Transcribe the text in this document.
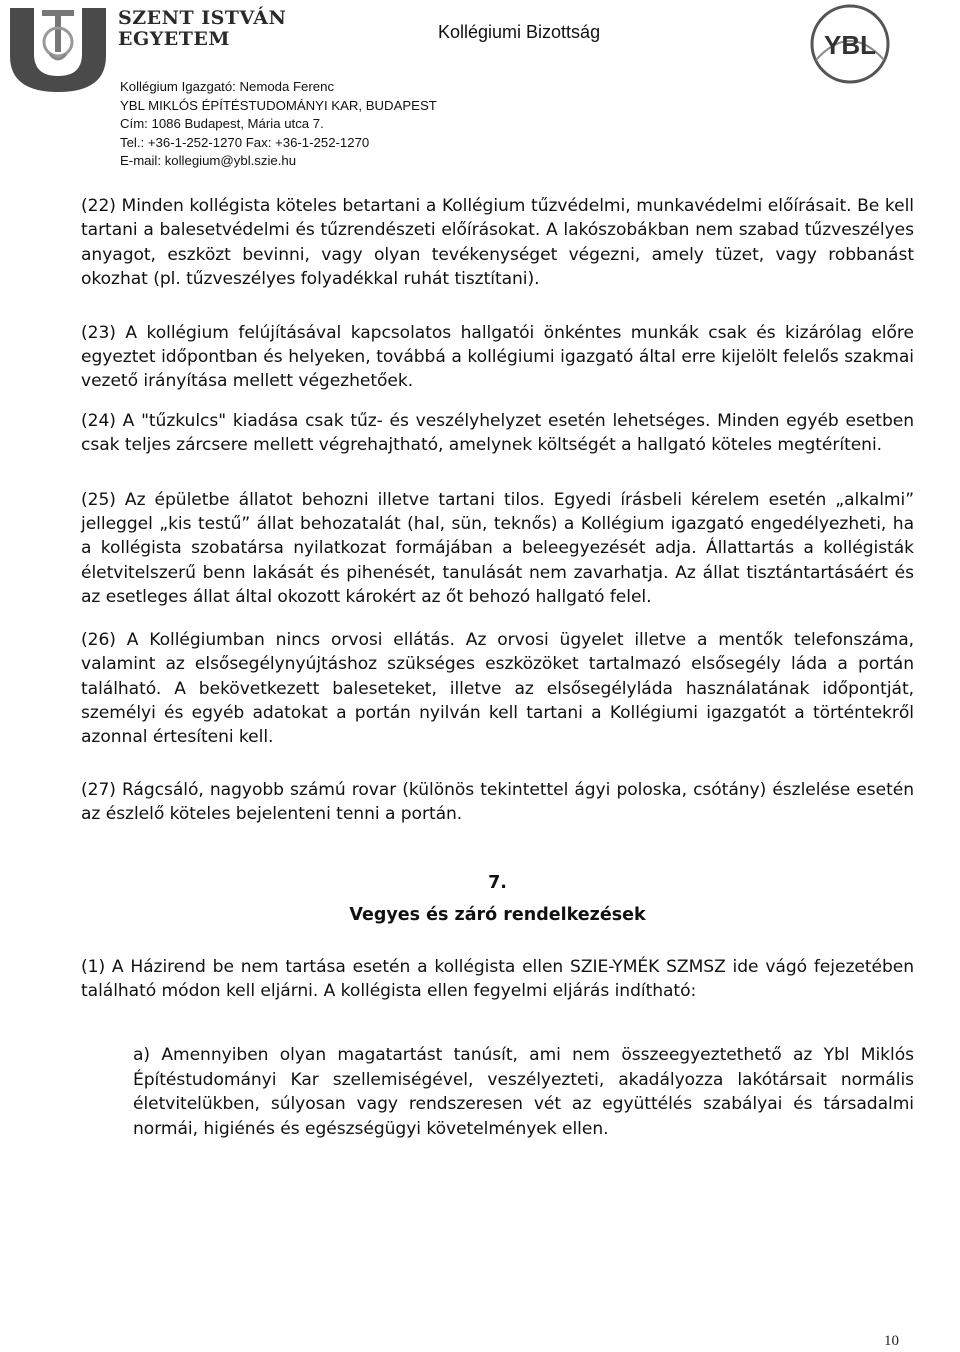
SZENT ISTVÁN
EGYETEM	Kollégiumi Bizottság	YBL
Kollégium Igazgató: Nemoda Ferenc
YBL MIKLÓS ÉPÍTÉSTUDOMÁNYI KAR, BUDAPEST
Cím: 1086 Budapest, Mária utca 7.
Tel.: +36-1-252-1270 Fax: +36-1-252-1270
E-mail: kollegium@ybl.szie.hu

(22) Minden kollégista köteles betartani a Kollégium tűzvédelmi, munkavédelmi előírásait. Be kell tartani a balesetvédelmi és tűzrendészeti előírásokat. A lakószobákban nem szabad tűzveszélyes anyagot, eszközt bevinni, vagy olyan tevékenységet végezni, amely tüzet, vagy robbanást okozhat (pl. tűzveszélyes folyadékkal ruhát tisztítani).

(23) A kollégium felújításával kapcsolatos hallgatói önkéntes munkák csak és kizárólag előre egyeztet időpontban és helyeken, továbbá a kollégiumi igazgató által erre kijelölt felelős szakmai vezető irányítása mellett végezhetőek.

(24) A "tűzkulcs" kiadása csak tűz- és veszélyhelyzet esetén lehetséges. Minden egyéb esetben csak teljes zárcsere mellett végrehajtható, amelynek költségét a hallgató köteles megtéríteni.

(25) Az épületbe állatot behozni illetve tartani tilos. Egyedi írásbeli kérelem esetén „alkalmi” jelleggel „kis testű” állat behozatalát (hal, sün, teknős) a Kollégium igazgató engedélyezheti, ha a kollégista szobatársa nyilatkozat formájában a beleegyezését adja. Állattartás a kollégisták életvitelszerű benn lakását és pihenését, tanulását nem zavarhatja. Az állat tisztántartásáért és az esetleges állat által okozott károkért az őt behozó hallgató felel.

(26) A Kollégiumban nincs orvosi ellátás. Az orvosi ügyelet illetve a mentők telefonszáma, valamint az elsősegélynyújtáshoz szükséges eszközöket tartalmazó elsősegély láda a portán található. A bekövetkezett baleseteket, illetve az elsősegélyláda használatának időpontját, személyi és egyéb adatokat a portán nyilván kell tartani a Kollégiumi igazgatót a történtekről azonnal értesíteni kell.

(27) Rágcsáló, nagyobb számú rovar (különös tekintettel ágyi poloska, csótány) észlelése esetén az észlelő köteles bejelenteni tenni a portán.

7.
Vegyes és záró rendelkezések

(1) A Házirend be nem tartása esetén a kollégista ellen SZIE-YMÉK SZMSZ ide vágó fejezetében található módon kell eljárni. A kollégista ellen fegyelmi eljárás indítható:

a) Amennyiben olyan magatartást tanúsít, ami nem összeegyeztethető az Ybl Miklós Építéstudományi Kar szellemiségével, veszélyezteti, akadályozza lakótársait normális életvitelükben, súlyosan vagy rendszeresen vét az együttélés szabályai és társadalmi normái, higiénés és egészségügyi követelmények ellen.

10
